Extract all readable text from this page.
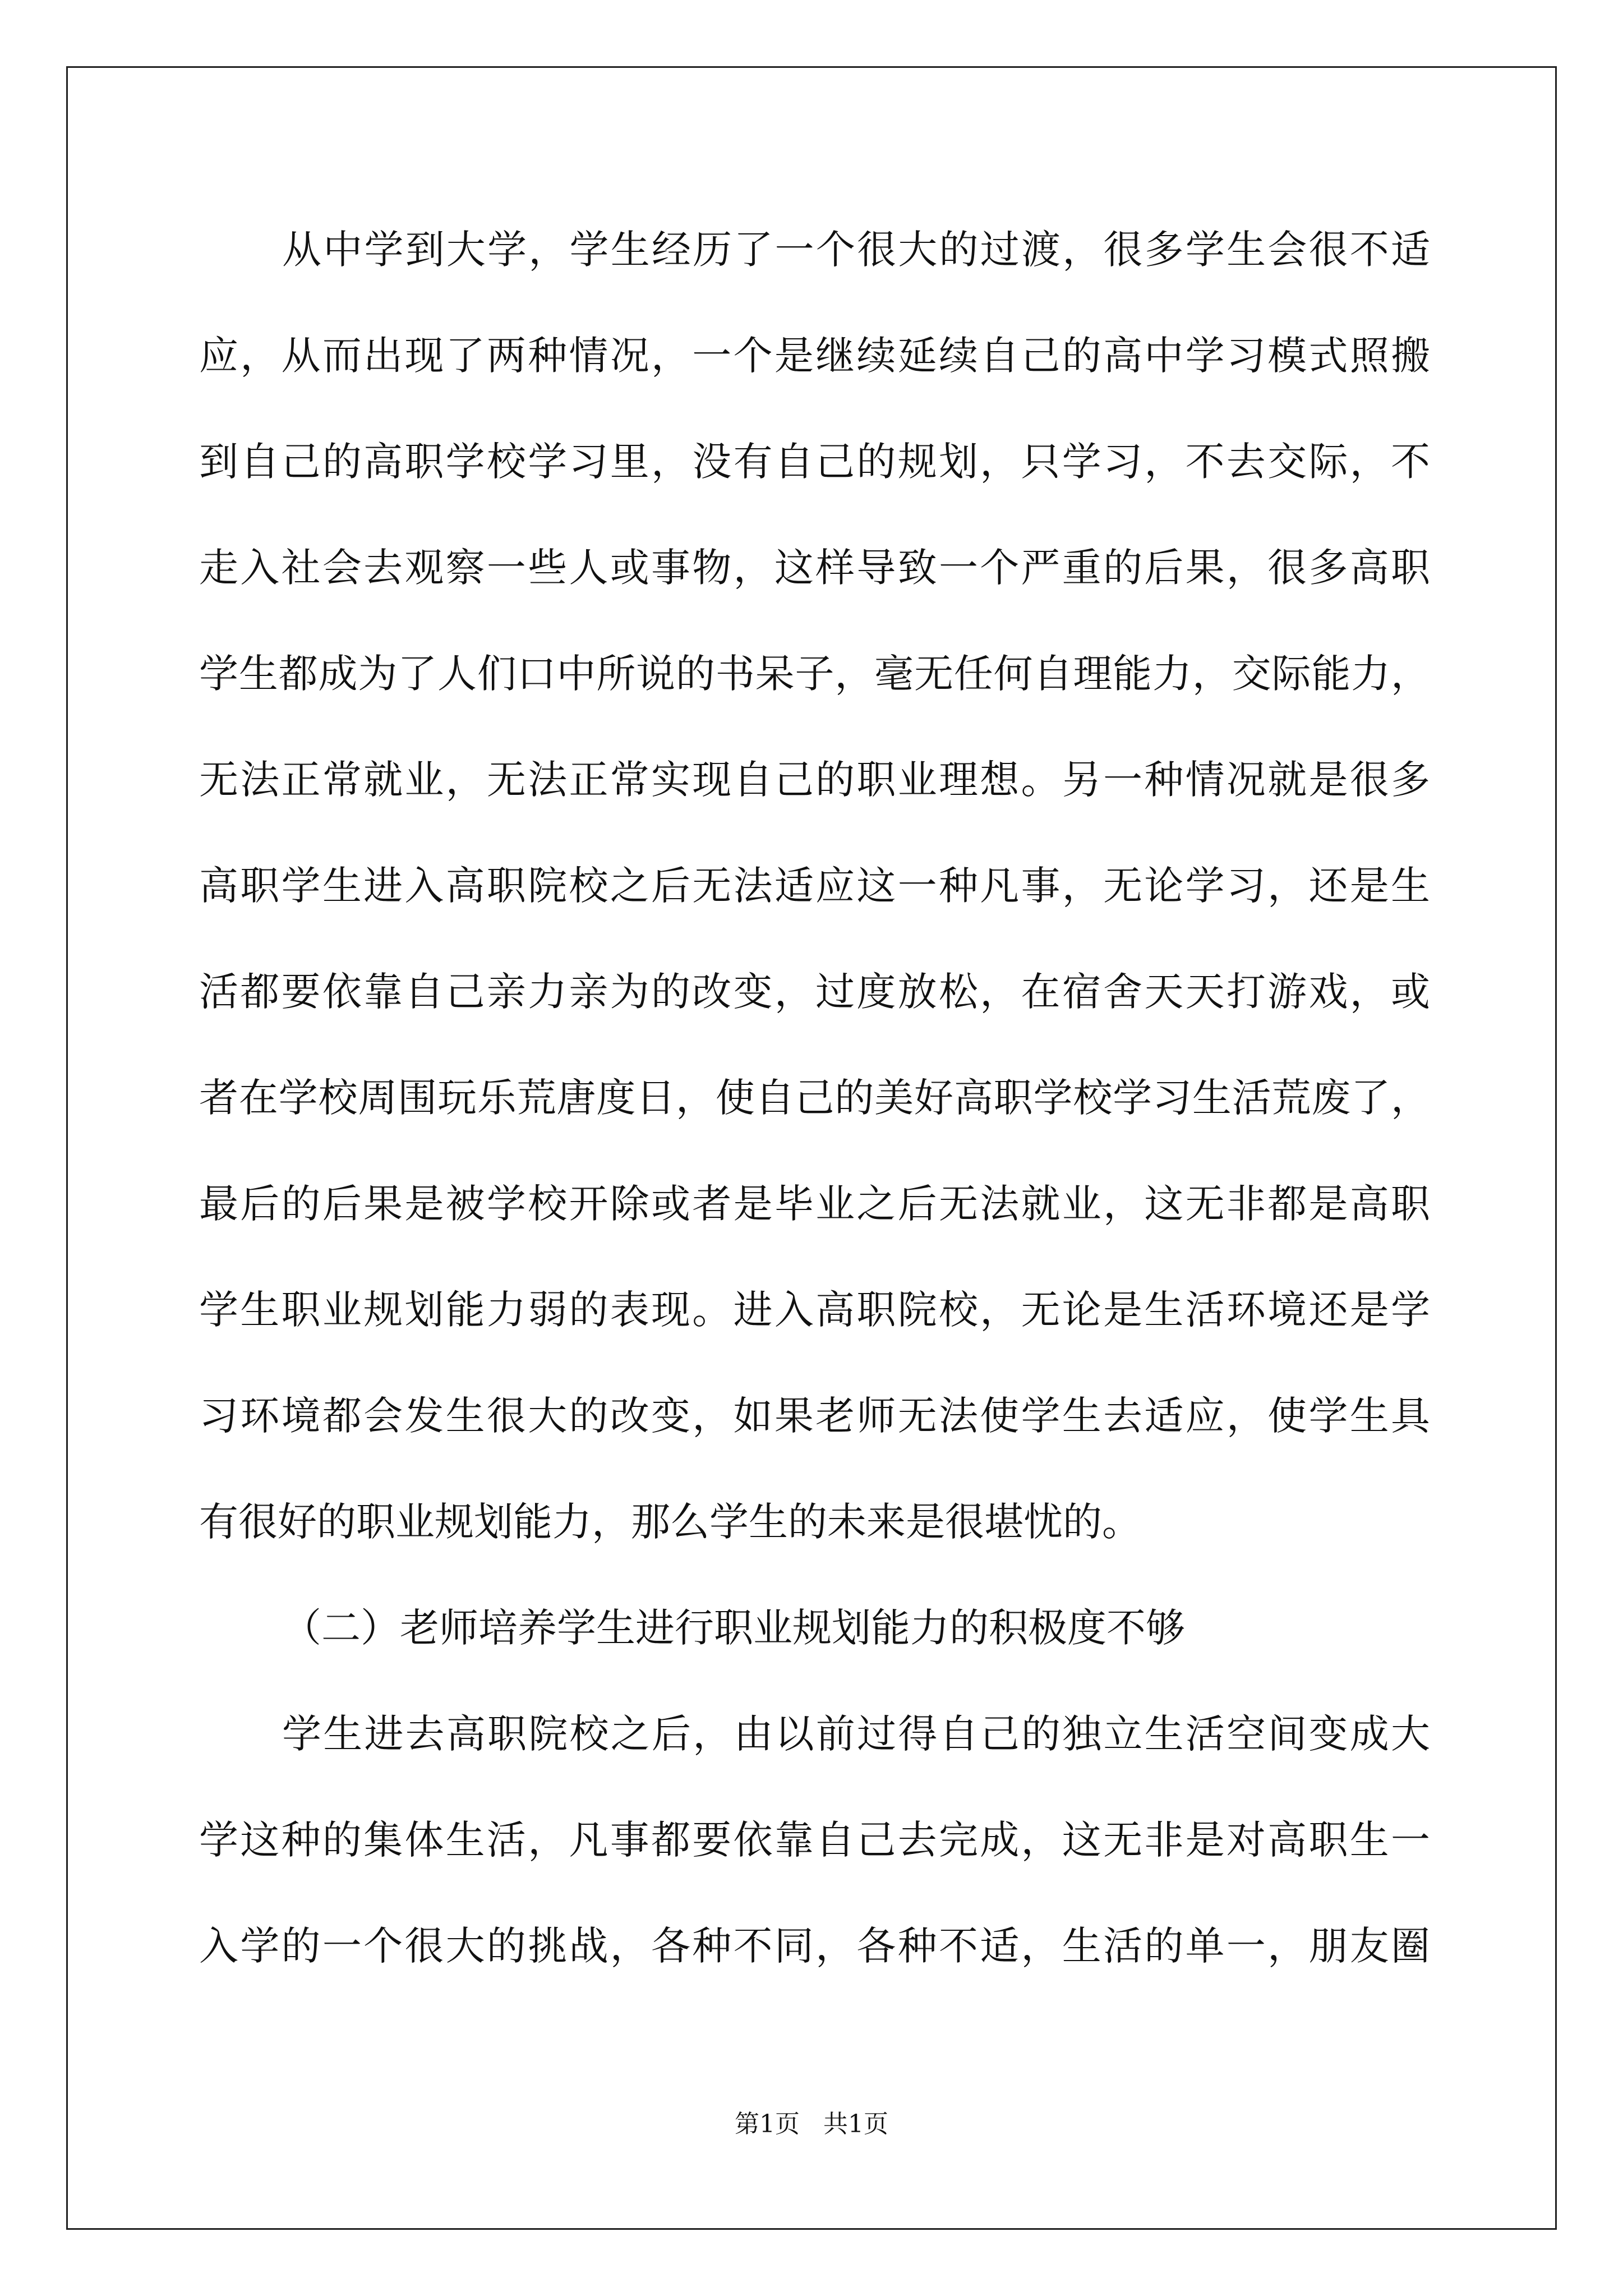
从中学到大学，学生经历了一个很大的过渡，很多学生会很不适
应，从而出现了两种情况，一个是继续延续自己的高中学习模式照搬
到自己的高职学校学习里，没有自己的规划，只学习，不去交际，不
走入社会去观察一些人或事物，这样导致一个严重的后果，很多高职
学生都成为了人们口中所说的书呆子，毫无任何自理能力，交际能力，
无法正常就业，无法正常实现自己的职业理想。另一种情况就是很多
高职学生进入高职院校之后无法适应这一种凡事，无论学习，还是生
活都要依靠自己亲力亲为的改变，过度放松，在宿舍天天打游戏，或
者在学校周围玩乐荒唐度日，使自己的美好高职学校学习生活荒废了，
最后的后果是被学校开除或者是毕业之后无法就业，这无非都是高职
学生职业规划能力弱的表现。进入高职院校，无论是生活环境还是学
习环境都会发生很大的改变，如果老师无法使学生去适应，使学生具
有很好的职业规划能力，那么学生的未来是很堪忧的。
（二）老师培养学生进行职业规划能力的积极度不够
学生进去高职院校之后，由以前过得自己的独立生活空间变成大
学这种的集体生活，凡事都要依靠自己去完成，这无非是对高职生一
入学的一个很大的挑战，各种不同，各种不适，生活的单一，朋友圈
第1页 共1页
